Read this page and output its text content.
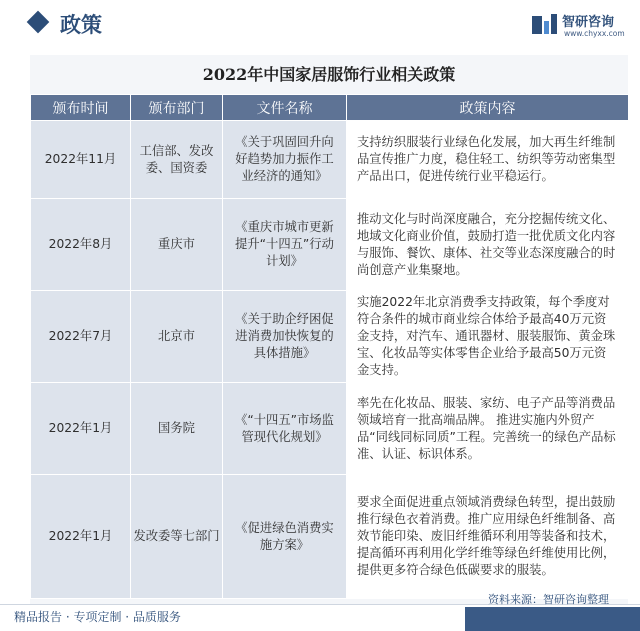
政策	智研咨询
www.chyxx.com
2022年中国家居服饰行业相关政策
颁布时间	颁布部门	文件名称	政策内容
2022年11月	工信部、发改委、国资委	《关于巩固回升向好趋势加力振作工业经济的通知》	支持纺织服装行业绿色化发展，加大再生纤维制品宣传推广力度，稳住轻工、纺织等劳动密集型产品出口，促进传统行业平稳运行。
2022年8月	重庆市	《重庆市城市更新提升“十四五”行动计划》	推动文化与时尚深度融合，充分挖掘传统文化、地域文化商业价值，鼓励打造一批优质文化内容与服饰、餐饮、康体、社交等业态深度融合的时尚创意产业集聚地。
2022年7月	北京市	《关于助企纾困促进消费加快恢复的具体措施》	实施2022年北京消费季支持政策，每个季度对符合条件的城市商业综合体给予最高40万元资金支持，对汽车、通讯器材、服装服饰、黄金珠宝、化妆品等实体零售企业给予最高50万元资金支持。
2022年1月	国务院	《“十四五”市场监管现代化规划》	率先在化妆品、服装、家纺、电子产品等消费品领域培育一批高端品牌。 推进实施内外贸产品“同线同标同质”工程。完善统一的绿色产品标准、认证、标识体系。
2022年1月	发改委等七部门	《促进绿色消费实施方案》	要求全面促进重点领域消费绿色转型，提出鼓励推行绿色衣着消费。推广应用绿色纤维制备、高效节能印染、废旧纤维循环利用等装备和技术，提高循环再利用化学纤维等绿色纤维使用比例，提供更多符合绿色低碳要求的服装。
精品报告 · 专项定制 · 品质服务
资料来源：智研咨询整理
